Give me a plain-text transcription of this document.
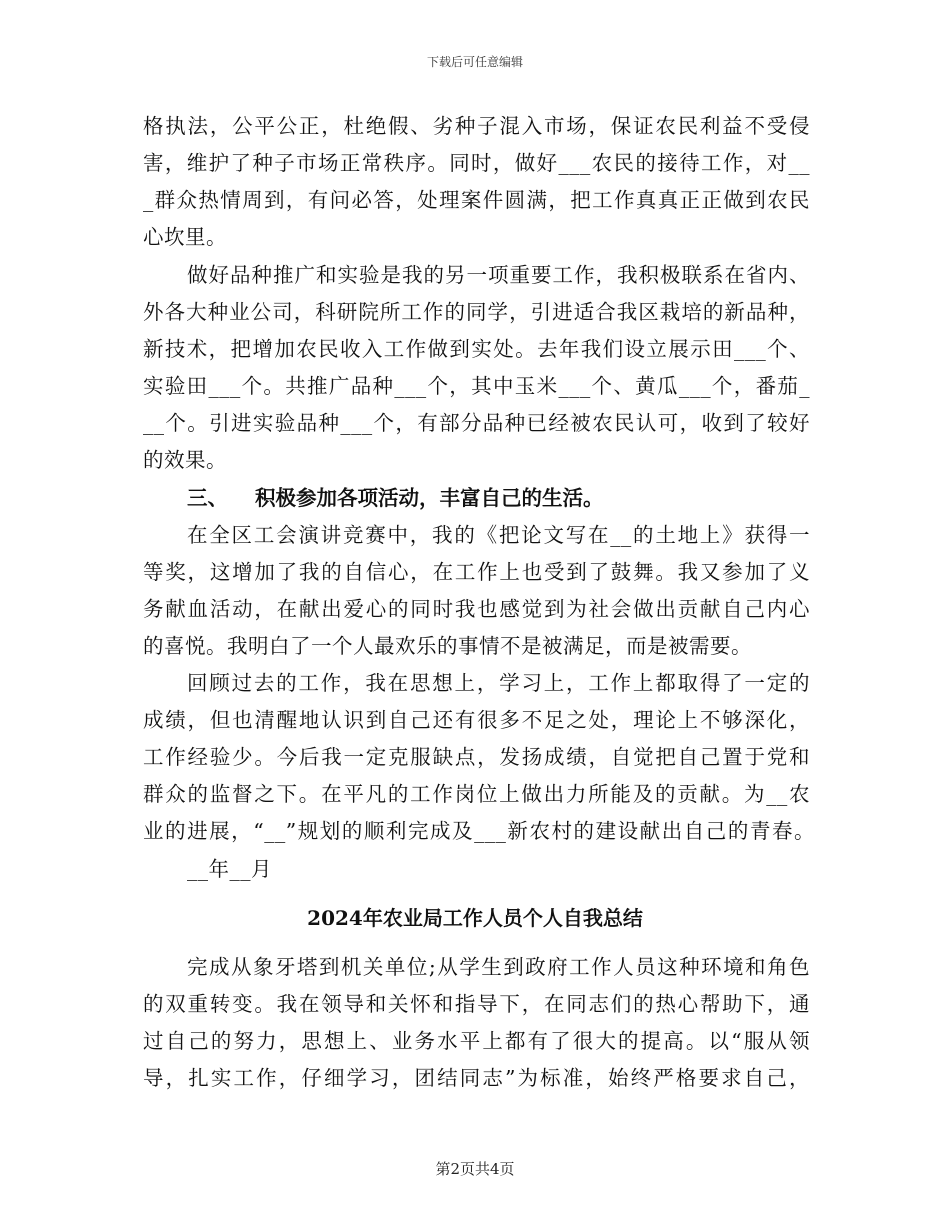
下载后可任意编辑
格执法，公平公正，杜绝假、劣种子混入市场，保证农民利益不受侵
害，维护了种子市场正常秩序。同时，做好___农民的接待工作，对__
_群众热情周到，有问必答，处理案件圆满，把工作真真正正做到农民
心坎里。
做好品种推广和实验是我的另一项重要工作，我积极联系在省内、
外各大种业公司，科研院所工作的同学，引进适合我区栽培的新品种，
新技术，把增加农民收入工作做到实处。去年我们设立展示田___个、
实验田___个。共推广品种___个，其中玉米___个、黄瓜___个，番茄_
__个。引进实验品种___个，有部分品种已经被农民认可，收到了较好
的效果。
三、 积极参加各项活动，丰富自己的生活。
在全区工会演讲竞赛中，我的《把论文写在__的土地上》获得一
等奖，这增加了我的自信心，在工作上也受到了鼓舞。我又参加了义
务献血活动，在献出爱心的同时我也感觉到为社会做出贡献自己内心
的喜悦。我明白了一个人最欢乐的事情不是被满足，而是被需要。
回顾过去的工作，我在思想上，学习上，工作上都取得了一定的
成绩，但也清醒地认识到自己还有很多不足之处，理论上不够深化，
工作经验少。今后我一定克服缺点，发扬成绩，自觉把自己置于党和
群众的监督之下。在平凡的工作岗位上做出力所能及的贡献。为__农
业的进展，“__”规划的顺利完成及___新农村的建设献出自己的青春。
__年__月
2024年农业局工作人员个人自我总结
完成从象牙塔到机关单位;从学生到政府工作人员这种环境和角色
的双重转变。我在领导和关怀和指导下，在同志们的热心帮助下，通
过自己的努力，思想上、业务水平上都有了很大的提高。以“服从领
导，扎实工作，仔细学习，团结同志”为标准，始终严格要求自己，
第2页共4页
